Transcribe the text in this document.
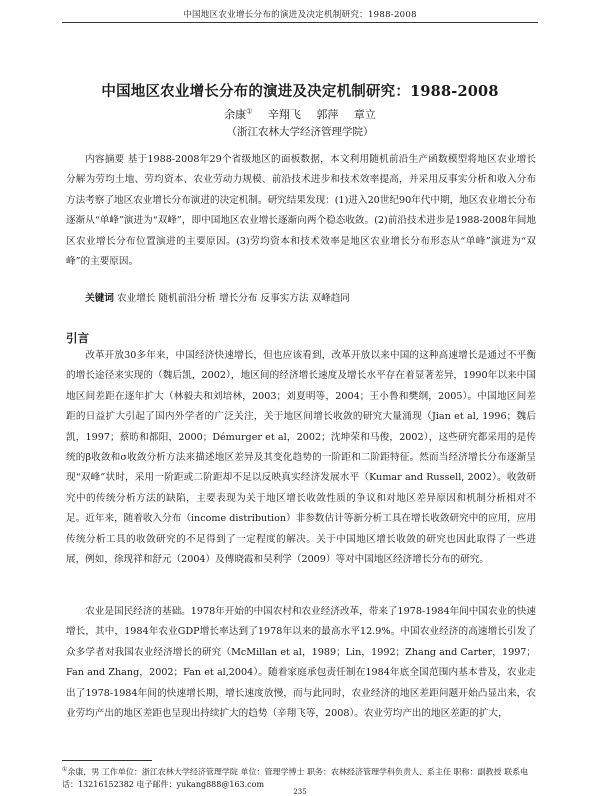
中国地区农业增长分布的演进及决定机制研究：1988-2008
中国地区农业增长分布的演进及决定机制研究：1988-2008
余康① 辛翔飞 郭萍 章立
（浙江农林大学经济管理学院）

内容摘要 基于1988-2008年29个省级地区的面板数据，本文利用随机前沿生产函数模型将地区农业增长分解为劳均土地、劳均资本、农业劳动力规模、前沿技术进步和技术效率提高，并采用反事实分析和收入分布方法考察了地区农业增长分布演进的决定机制。研究结果发现：(1)进入20世纪90年代中期，地区农业增长分布逐渐从“单峰”演进为“双峰”，即中国地区农业增长逐渐向两个稳态收敛。(2)前沿技术进步是1988-2008年间地区农业增长分布位置演进的主要原因。(3)劳均资本和技术效率是地区农业增长分布形态从“单峰”演进为“双峰”的主要原因。

关键词 农业增长 随机前沿分析 增长分布 反事实方法 双峰趋同
引言

改革开放30多年来，中国经济快速增长，但也应该看到，改革开放以来中国的这种高速增长是通过不平衡的增长途径来实现的（魏后凯，2002），地区间的经济增长速度及增长水平存在着显著差异，1990年以来中国地区间差距在逐年扩大（林毅夫和刘培林，2003；刘夏明等，2004；王小鲁和樊纲，2005）。中国地区间差距的日益扩大引起了国内外学者的广泛关注，关于地区间增长收敛的研究大量涌现（Jian et al, 1996；魏后凯，1997；蔡昉和都阳，2000；Démurger et al，2002；沈坤荣和马俊，2002），这些研究都采用的是传统的β收敛和σ收敛分析方法来描述地区差异及其变化趋势的一阶距和二阶距特征。然而当经济增长分布逐渐呈现“双峰”状时，采用一阶距或二阶距却不足以反映真实经济发展水平（Kumar and Russell, 2002）。收敛研究中的传统分析方法的缺陷，主要表现为关于地区增长收敛性质的争议和对地区差异原因和机制分析相对不足。近年来，随着收入分布（income distribution）非参数估计等新分析工具在增长收敛研究中的应用，应用传统分析工具的收敛研究的不足得到了一定程度的解决。关于中国地区增长收敛的研究也因此取得了一些进展，例如，徐现祥和舒元（2004）及傅晓霞和吴利学（2009）等对中国地区经济增长分布的研究。

农业是国民经济的基础。1978年开始的中国农村和农业经济改革，带来了1978-1984年间中国农业的快速增长，其中，1984年农业GDP增长率达到了1978年以来的最高水平12.9%。中国农业经济的高速增长引发了众多学者对我国农业经济增长的研究（McMillan et al，1989；Lin，1992；Zhang and Carter，1997；Fan and Zhang，2002；Fan et al,2004）。随着家庭承包责任制在1984年底全国范围内基本普及，农业走出了1978-1984年间的快速增长期，增长速度放慢，而与此同时，农业经济的地区差距问题开始凸显出来，农业劳均产出的地区差距也呈现出持续扩大的趋势（辛翔飞等，2008）。农业劳均产出的地区差距的扩大，

①余康，男 工作单位：浙江农林大学经济管理学院 单位：管理学博士 职务：农林经济管理学科负责人、系主任 职称：副教授 联系电话：13216152382 电子邮件：yukang888@163.com
235
